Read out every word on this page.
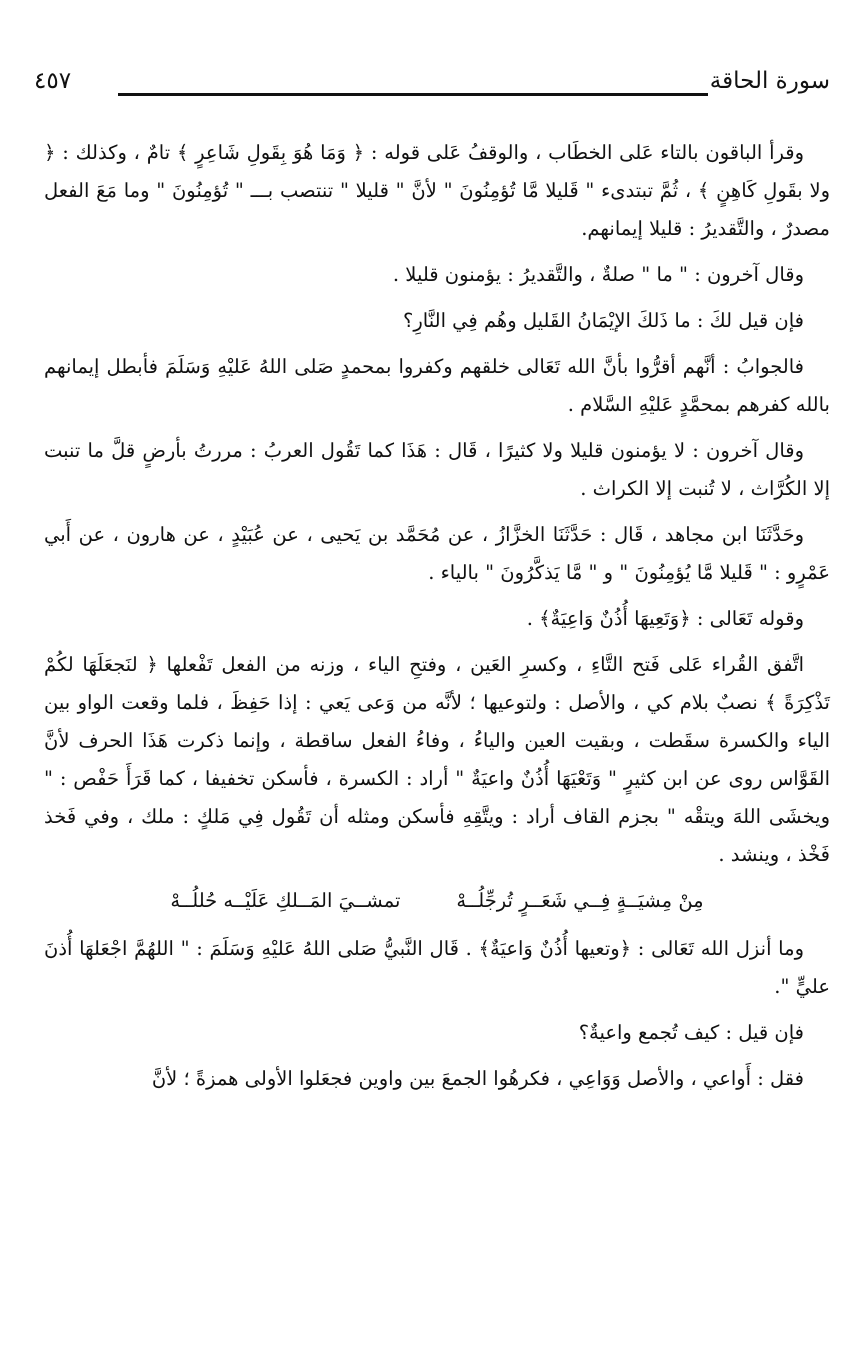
سورة الحاقة
٤٥٧

وقرأ الباقون بالتاء عَلى الخطَاب ، والوقفُ عَلى قوله : ﴿ وَمَا هُوَ بِقَولِ شَاعِرٍ ﴾ تامٌ ، وكذلك : ﴿ ولا بقَولِ كَاهِنٍ ﴾ ، ثُمَّ تبتدىء " قَليلا مَّا تُؤمِنُونَ " لأنَّ " قليلا " تنتصب بـــ " تُؤمِنُونَ " وما مَعَ الفعل مصدرٌ ، والتَّقديرُ : قليلا إيمانهم.

وقال آخرون : " ما " صلةٌ ، والتَّقديرُ : يؤمنون قليلا .

فإن قيل لكَ : ما ذَلكَ الإيْمَانُ القَليل وهُم فِي النَّارِ؟

فالجوابُ : أنَّهم أقرُّوا بأنَّ الله تَعَالى خلقهم وكفروا بمحمدٍ صَلى اللهُ عَليْهِ وَسَلَمَ فأبطل إيمانهم بالله كفرهم بمحمَّدٍ عَليْهِ السَّلام .

وقال آخرون : لا يؤمنون قليلا ولا كثيرًا ، قَال : هَذَا كما تَقُول العربُ : مررتُ بأرضٍ قلَّ ما تنبت إلا الكُرَّاث ، لا تُنبت إلا الكراث .

وحَدَّثَنَا ابن مجاهد ، قَال : حَدَّثَنَا الخزَّازُ ، عن مُحَمَّد بن يَحيى ، عن عُبَيْدٍ ، عن هارون ، عن أَبي عَمْرٍو : " قَليلا مَّا يُؤمِنُونَ " و " مَّا يَذكَّرُونَ " بالياء .

وقوله تَعَالى : ﴿وَتَعِيهَا أُذُنٌ وَاعِيَةٌ﴾ .

اتَّفق القُراء عَلى فَتح التَّاءِ ، وكسرِ العَين ، وفتحِ الياء ، وزنه من الفعل تَفْعلها ﴿ لنَجعَلَهَا لكُمْ تَذْكِرَةً ﴾ نصبٌ بلام كي ، والأصل : ولتوعيها ؛ لأنَّه من وَعى يَعي : إذا حَفِظَ ، فلما وقعت الواو بين الياء والكسرة سقَطت ، وبقيت العين والياءُ ، وفاءُ الفعل ساقطة ، وإنما ذكرت هَذَا الحرف لأنَّ القَوَّاس روى عن ابن كثيرٍ " وَتَعْيَهَا أُذُنٌ واعيَةٌ " أراد : الكسرة ، فأسكن تخفيفا ، كما قَرَأَ حَفْص : " ويخشَى اللهَ ويتقْه " بجزم القاف أراد : ويتَّقِهِ فأسكن ومثله أن تَقُول فِي مَلكٍ : ملك ، وفي فَخذ فَخْذ ، وينشد .

مِنْ مِشيَــةٍ فِــي شَعَــرٍ تُرجِّلُــهْتمشــيَ المَــلكِ عَلَيْــه حُللُــهْ

وما أنزل الله تَعَالى : ﴿وتعيها أُذُنٌ وَاعيَةٌ﴾ . قَال النَّبيُّ صَلى اللهُ عَليْهِ وَسَلَمَ : " اللهُمَّ اجْعَلهَا أُذنَ عليٍّ ".

فإن قيل : كيف تُجمع واعيةٌ؟

فقل : أَواعي ، والأصل وَوَاعِي ، فكرهُوا الجمعَ بين واوين فجعَلوا الأولى همزةً ؛ لأنَّ
